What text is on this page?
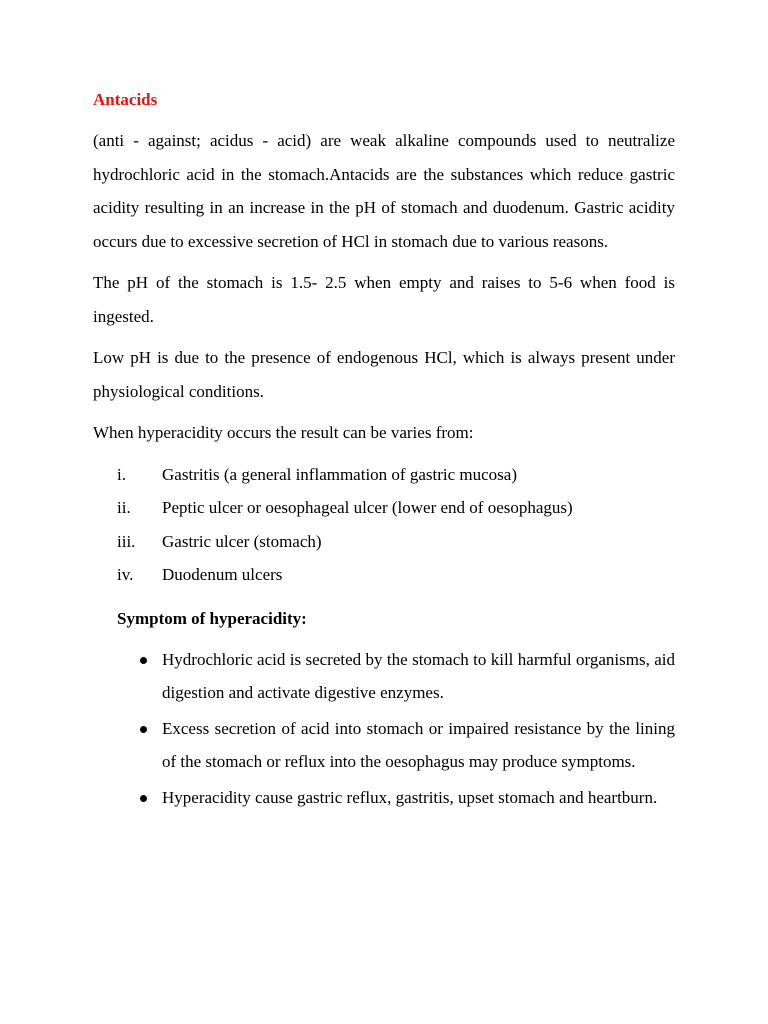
Antacids

(anti - against; acidus - acid) are weak alkaline compounds used to neutralize hydrochloric acid in the stomach.Antacids are the substances which reduce gastric acidity resulting in an increase in the pH of stomach and duodenum. Gastric acidity occurs due to excessive secretion of HCl in stomach due to various reasons.

The pH of the stomach is 1.5- 2.5 when empty and raises to 5-6 when food is ingested.

Low pH is due to the presence of endogenous HCl, which is always present under physiological conditions.

When hyperacidity occurs the result can be varies from:

i.	Gastritis (a general inflammation of gastric mucosa)
ii.	Peptic ulcer or oesophageal ulcer (lower end of oesophagus)
iii.	Gastric ulcer (stomach)
iv.	Duodenum ulcers
Symptom of hyperacidity:
Hydrochloric acid is secreted by the stomach to kill harmful organisms, aid digestion and activate digestive enzymes.
Excess secretion of acid into stomach or impaired resistance by the lining of the stomach or reflux into the oesophagus may produce symptoms.
Hyperacidity cause gastric reflux, gastritis, upset stomach and heartburn.
